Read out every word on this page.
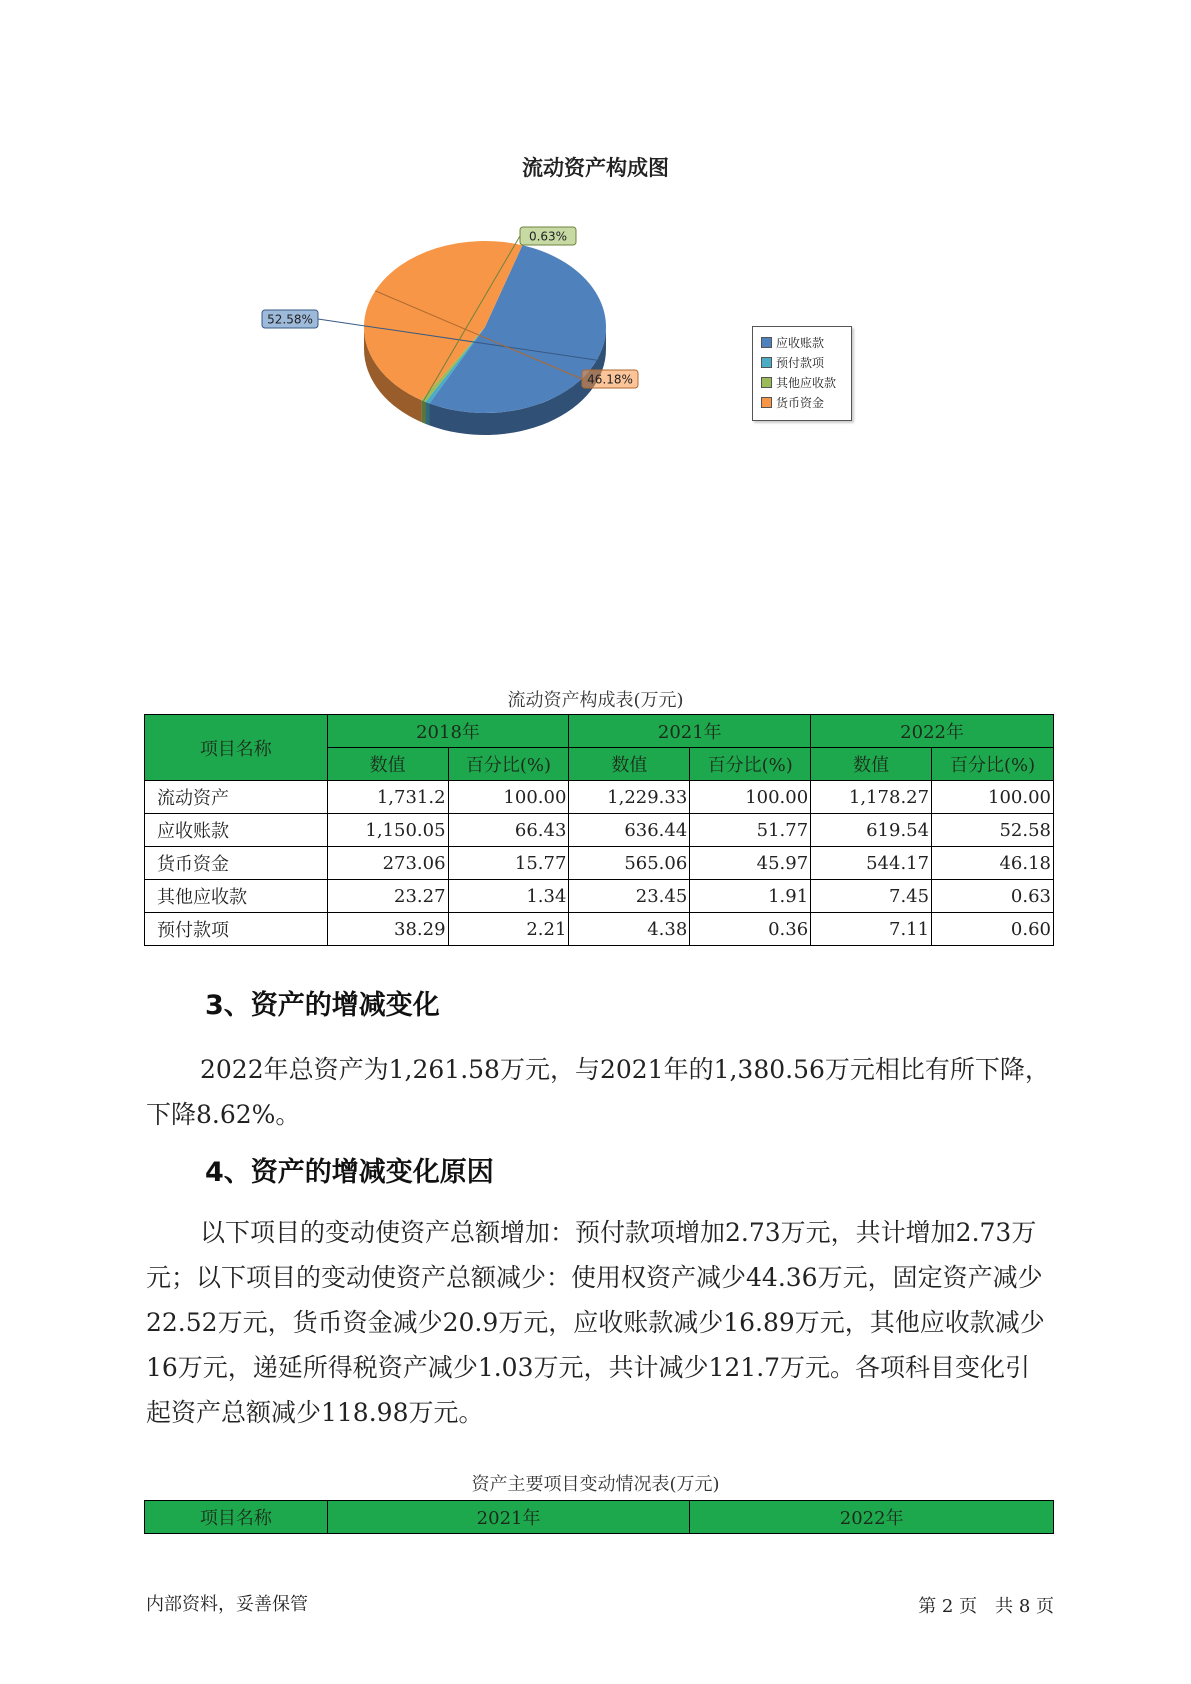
流动资产构成图
52.58%
0.63%
46.18%
应收账款
预付款项
其他应收款
货币资金
流动资产构成表(万元)
项目名称	2018年		2021年		2022年	
	数值	百分比(%)	数值	百分比(%)	数值	百分比(%)
流动资产	1,731.2	100.00	1,229.33	100.00	1,178.27	100.00
应收账款	1,150.05	66.43	636.44	51.77	619.54	52.58
货币资金	273.06	15.77	565.06	45.97	544.17	46.18
其他应收款	23.27	1.34	23.45	1.91	7.45	0.63
预付款项	38.29	2.21	4.38	0.36	7.11	0.60
3、资产的增减变化

2022年总资产为1,261.58万元，与2021年的1,380.56万元相比有所下降，下降8.62%。

4、资产的增减变化原因

以下项目的变动使资产总额增加：预付款项增加2.73万元，共计增加2.73万元；以下项目的变动使资产总额减少：使用权资产减少44.36万元，固定资产减少22.52万元，货币资金减少20.9万元，应收账款减少16.89万元，其他应收款减少16万元，递延所得税资产减少1.03万元，共计减少121.7万元。各项科目变化引起资产总额减少118.98万元。

资产主要项目变动情况表(万元)
项目名称	2021年	2022年
内部资料，妥善保管	第 2 页　共 8 页
